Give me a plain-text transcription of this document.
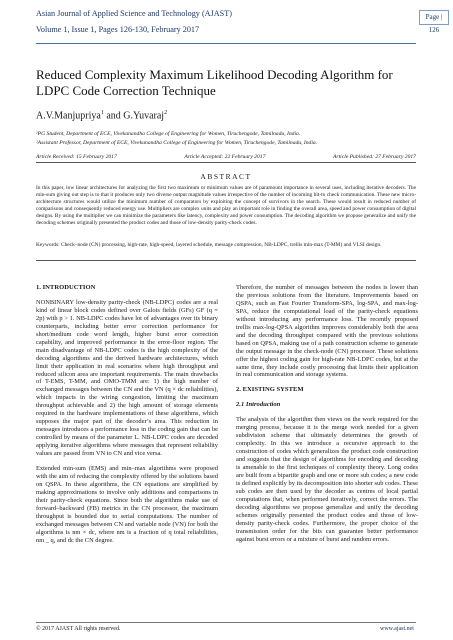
Asian Journal of Applied Science and Technology (AJAST)
Volume 1, Issue 1, Pages 126-130, February 2017
Page | 126
Reduced Complexity Maximum Likelihood Decoding Algorithm for LDPC Code Correction Technique
A.V.Manjupriya$^1$ and G.Yuvaraj$^2$
¹PG Student, Department of ECE, Vivekanandha College of Engineering for Women, Tiruchengode, Tamilnadu, India.
²Assistant Professor, Department of ECE, Vivekanandha College of Engineering for Women, Tiruchengode, Tamilnadu, India.
Article Received: 15 February 2017	Article Accepted: 22 February 2017	Article Published: 27 February 2017
ABSTRACT
In this paper, low linear architectures for analyzing the first two maximum or minimum values are of paramount importance in several uses, including iterative decoders. The min-sum giving out step is to that it produces only two diverse output magnitude values irrespective of the number of incoming bit-to check communication. These new micro-architecture structures would utilize the minimum number of comparators by exploiting the concept of survivors in the search. These would result in reduced number of comparisons and consequently reduced energy use. Multipliers are complex units and play an important role in finding the overall area, speed and power consumption of digital designs. By using the multiplier we can minimize the parameters like latency, complexity and power consumption. The decoding algorithm we propose generalize and unify the decoding schemes originally presented the product codes and those of low-density parity-check codes.
Keywords: Check–node (CN) processing, high-rate, high-speed, layered schedule, message compression, NB-LDPC, trellis min-max (T-MM) and VLSI design.

1. INTRODUCTION

NONBINARY low-density parity-check (NB-LDPC) codes are a real kind of linear block codes defined over Galois fields (GFs) GF (q = 2p) with p > 1. NB-LDPC codes have lot of advantages over its binary counterparts, including better error correction performance for short/medium code word length, higher burst error correction capability, and improved performance in the error-floor region. The main disadvantage of NB-LDPC codes is the high complexity of the decoding algorithms and the derived hardware architectures, which limit their application in real scenarios where high throughput and reduced silicon area are important requirements. The main drawbacks of T-EMS, T-MM, and OMO-TMM are: 1) the high number of exchanged messages between the CN and the VN (q × dc reliabilities), which impacts in the wiring congestion, limiting the maximum throughput achievable and 2) the high amount of storage elements required in the hardware implementations of these algorithms, which supposes the major part of the decoder’s area. This reduction in messages introduces a performance loss in the coding gain that can be controlled by means of the parameter L. NB-LDPC codes are decoded applying iterative algorithms where messages that represent reliability values are passed from VN to CN and vice versa.

Extended min-sum (EMS) and min–max algorithms were proposed with the aim of reducing the complexity offered by the solutions based on QSPA. In these algorithms, the CN equations are simplified by making approximations to involve only additions and comparisons in their parity-check equations. Since both the algorithms make use of forward–backward (FB) metrics in the CN processor, the maximum throughput is bounded due to serial computations. The number of exchanged messages between CN and variable node (VN) for both the algorithms is nm × dc, where nm is a fraction of q total reliabilities, nm _ q, and dc the CN degree.

Therefore, the number of messages between the nodes is lower than the previous solutions from the literature. Improvements based on QSPA, such as Fast Fourier Transform-SPA, log-SPA, and max-log-SPA, reduce the computational load of the parity-check equations without introducing any performance loss. The recently proposed trellis max-log-QPSA algorithm improves considerably both the area and the decoding throughput compared with the previous solutions based on QPSA, making use of a path construction scheme to generate the output message in the check-node (CN) processor. These solutions offer the highest coding gain for high-rate NB-LDPC codes, but at the same time, they include costly processing that limits their application in real communication and storage systems.

2. EXISTING SYSTEM

2.1 Introduction

The analysis of the algorithm then views on the work required for the merging process, because it is the merge work needed for a given subdivision scheme that ultimately determines the growth of complexity. In this we introduce a recursive approach to the construction of codes which generalizes the product code construction and suggests that the design of algorithms for encoding and decoding is amenable to the first techniques of complexity theory. Long codes are built from a bipartite graph and one or more sub codes; a new code is defined explicitly by its decomposition into shorter sub codes. These sub codes are then used by the decoder as centres of local partial computations that, when performed iteratively, correct the errors. The decoding algorithms we propose generalize and unify the decoding schemes originally presented the product codes and those of low-density parity-check codes. Furthermore, the proper choice of the transmission order for the bits can guarantee better performance against burst errors or a mixture of burst and random errors.

© 2017 AJAST All rights reserved.	www.ajast.net
